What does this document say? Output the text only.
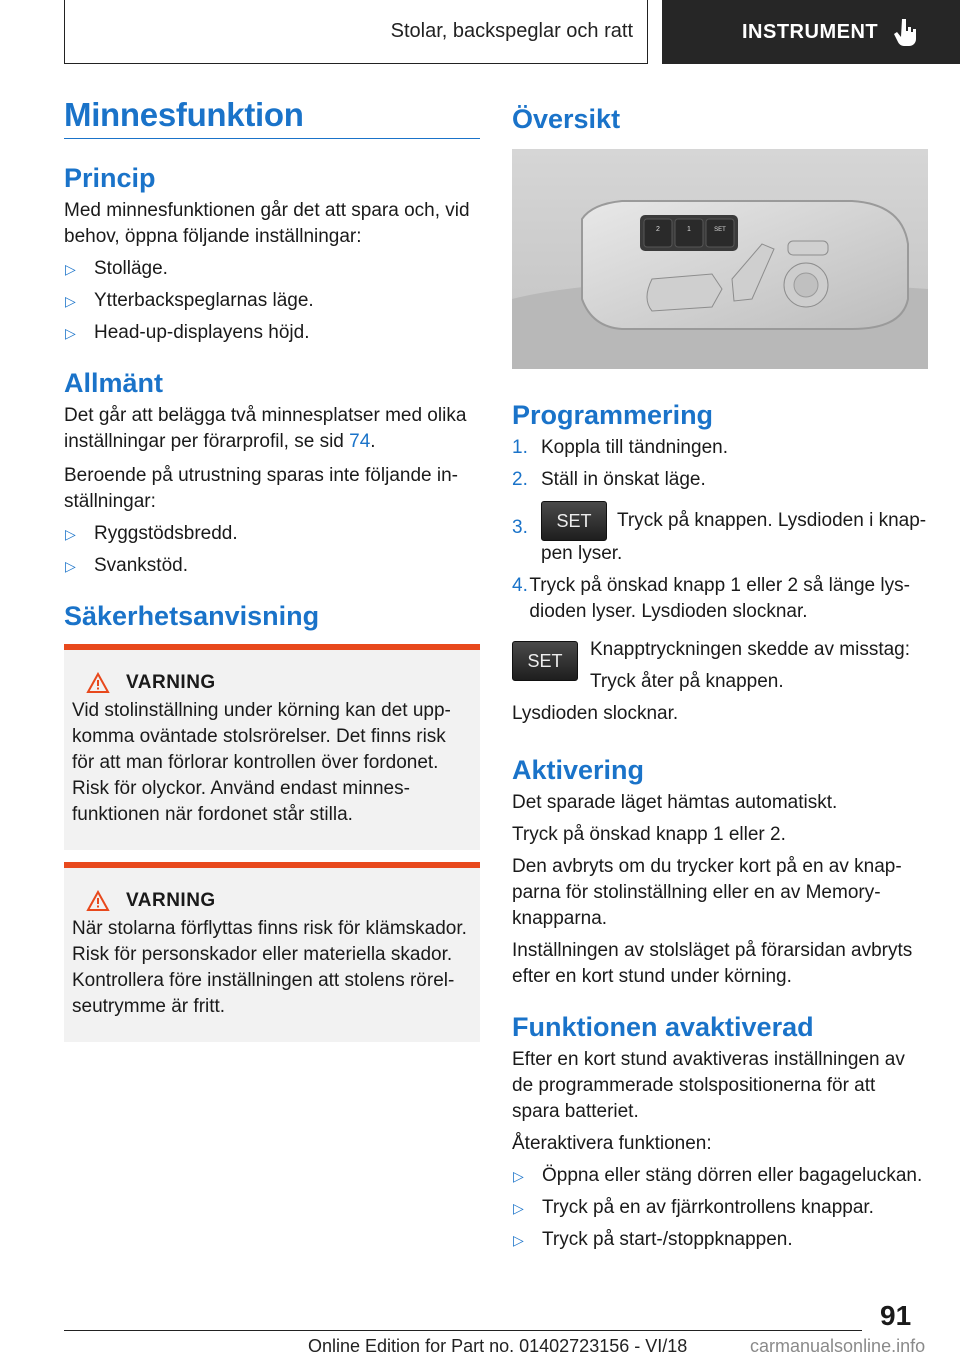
Stolar, backspeglar och ratt	INSTRUMENT
Minnesfunktion
Princip

Med minnesfunktionen går det att spara och, vid behov, öppna följande inställningar:

▷ Stolläge.
▷ Ytterbackspeglarnas läge.
▷ Head-up-displayens höjd.
Allmänt

Det går att belägga två minnesplatser med olika inställningar per förarprofil, se sid 74.

Beroende på utrustning sparas inte följande in- ställningar:

▷ Ryggstödsbredd.
▷ Svankstöd.
Säkerhetsanvisning
VARNING

Vid stolinställning under körning kan det upp- komma oväntade stolsrörelser. Det finns risk för att man förlorar kontrollen över fordonet. Risk för olyckor. Använd endast minnes-funktionen när fordonet står stilla.

VARNING

När stolarna förflyttas finns risk för klämskador. Risk för personskador eller materiella skador. Kontrollera före inställningen att stolens rörel- seutrymme är fritt.

Översikt
2	1	SET
Programmering
1. Koppla till tändningen.
2. Ställ in önskat läge.
3.	SET Tryck på knappen. Lysdioden i knap- pen lyser.
4. Tryck på önskad knapp 1 eller 2 så länge lys- dioden lyser. Lysdioden slocknar.
SET

Knapptryckningen skedde av misstag:

Tryck åter på knappen.

Lysdioden slocknar.

Aktivering

Det sparade läget hämtas automatiskt.

Tryck på önskad knapp 1 eller 2.

Den avbryts om du trycker kort på en av knap- parna för stolinställning eller en av Memory- knapparna.

Inställningen av stolsläget på förarsidan avbryts efter en kort stund under körning.

Funktionen avaktiverad

Efter en kort stund avaktiveras inställningen av de programmerade stolspositionerna för att spara batteriet.

Återaktivera funktionen:

▷ Öppna eller stäng dörren eller bagageluckan.
▷ Tryck på en av fjärrkontrollens knappar.
▷ Tryck på start-/stoppknappen.
91
Online Edition for Part no. 01402723156 - VI/18	carmanualsonline.info
